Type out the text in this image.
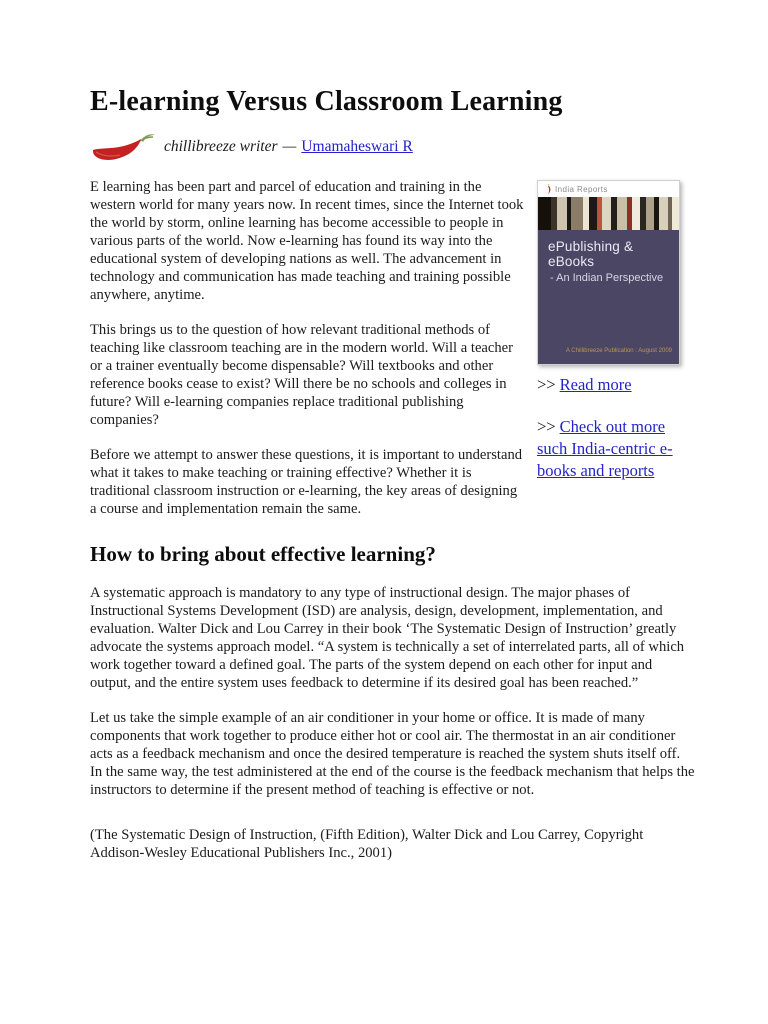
E-learning Versus Classroom Learning
chillibreeze writer — Umamaheswari R
India Reports
ePublishing & eBooks
- An Indian Perspective
A Chillibreeze Publication : August 2009
>> Read more
>> Check out more such India-centric e-books and reports

E learning has been part and parcel of education and training in the western world for many years now. In recent times, since the Internet took the world by storm, online learning has become accessible to people in various parts of the world. Now e-learning has found its way into the educational system of developing nations as well. The advancement in technology and communication has made teaching and training possible anywhere, anytime.

This brings us to the question of how relevant traditional methods of teaching like classroom teaching are in the modern world. Will a teacher or a trainer eventually become dispensable? Will textbooks and other reference books cease to exist? Will there be no schools and colleges in future? Will e-learning companies replace traditional publishing companies?

Before we attempt to answer these questions, it is important to understand what it takes to make teaching or training effective? Whether it is traditional classroom instruction or e-learning, the key areas of designing a course and implementation remain the same.

How to bring about effective learning?

A systematic approach is mandatory to any type of instructional design. The major phases of Instructional Systems Development (ISD) are analysis, design, development, implementation, and evaluation. Walter Dick and Lou Carrey in their book ‘The Systematic Design of Instruction’ greatly advocate the systems approach model. “A system is technically a set of interrelated parts, all of which work together toward a defined goal. The parts of the system depend on each other for input and output, and the entire system uses feedback to determine if its desired goal has been reached.”

Let us take the simple example of an air conditioner in your home or office. It is made of many components that work together to produce either hot or cool air. The thermostat in an air conditioner acts as a feedback mechanism and once the desired temperature is reached the system shuts itself off. In the same way, the test administered at the end of the course is the feedback mechanism that helps the instructors to determine if the present method of teaching is effective or not.

(The Systematic Design of Instruction, (Fifth Edition), Walter Dick and Lou Carrey, Copyright Addison-Wesley Educational Publishers Inc., 2001)
